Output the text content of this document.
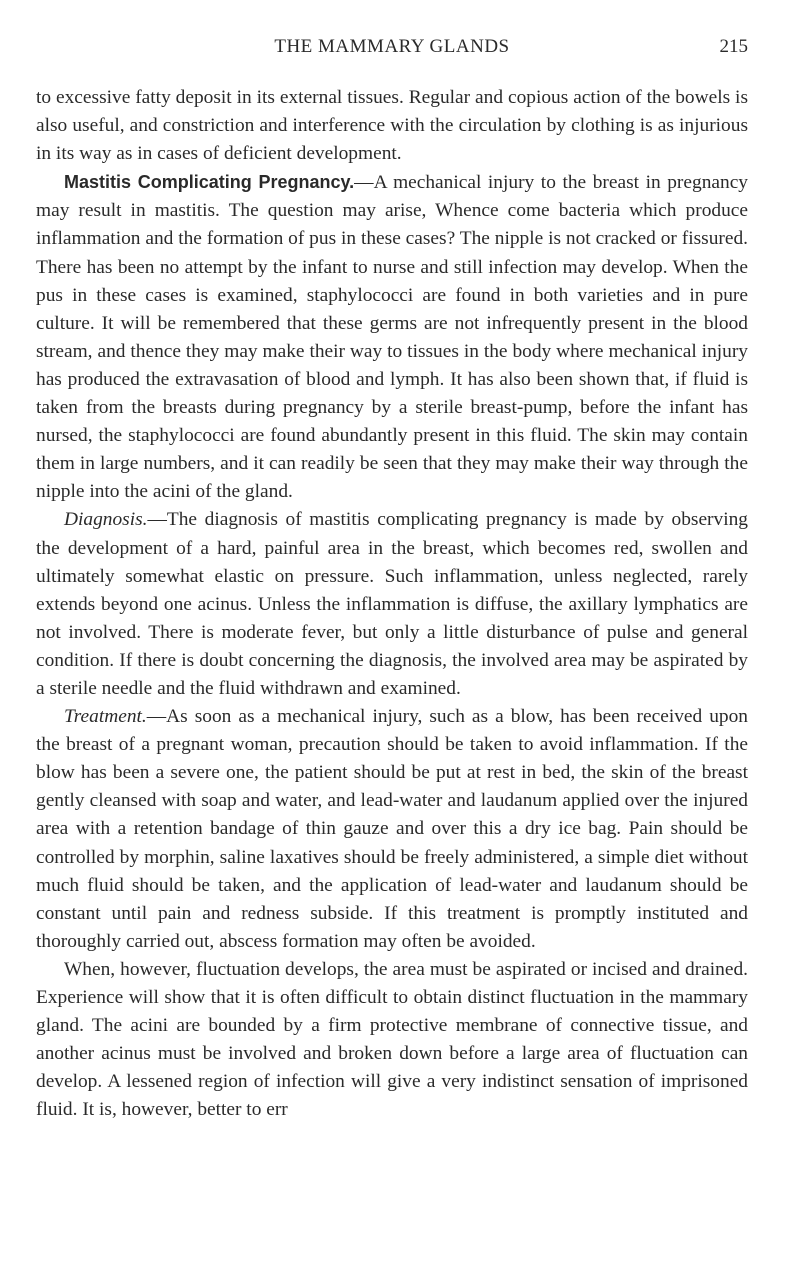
THE MAMMARY GLANDS	215

to excessive fatty deposit in its external tissues. Regular and copious action of the bowels is also useful, and constriction and interference with the circulation by clothing is as injurious in its way as in cases of deficient development.

Mastitis Complicating Pregnancy.—A mechanical injury to the breast in pregnancy may result in mastitis. The question may arise, Whence come bacteria which produce inflammation and the formation of pus in these cases? The nipple is not cracked or fissured. There has been no attempt by the infant to nurse and still infection may develop. When the pus in these cases is examined, staphylococci are found in both varieties and in pure culture. It will be remembered that these germs are not infrequently present in the blood stream, and thence they may make their way to tissues in the body where mechanical injury has produced the extravasation of blood and lymph. It has also been shown that, if fluid is taken from the breasts during pregnancy by a sterile breast-pump, before the infant has nursed, the staphylococci are found abundantly present in this fluid. The skin may contain them in large numbers, and it can readily be seen that they may make their way through the nipple into the acini of the gland.

Diagnosis.—The diagnosis of mastitis complicating pregnancy is made by observing the development of a hard, painful area in the breast, which becomes red, swollen and ultimately somewhat elastic on pressure. Such inflammation, unless neglected, rarely extends beyond one acinus. Unless the inflammation is diffuse, the axillary lymphatics are not involved. There is moderate fever, but only a little disturbance of pulse and general condition. If there is doubt concerning the diagnosis, the involved area may be aspirated by a sterile needle and the fluid withdrawn and examined.

Treatment.—As soon as a mechanical injury, such as a blow, has been received upon the breast of a pregnant woman, precaution should be taken to avoid inflammation. If the blow has been a severe one, the patient should be put at rest in bed, the skin of the breast gently cleansed with soap and water, and lead-water and laudanum applied over the injured area with a retention bandage of thin gauze and over this a dry ice bag. Pain should be controlled by morphin, saline laxatives should be freely administered, a simple diet without much fluid should be taken, and the application of lead-water and laudanum should be constant until pain and redness subside. If this treatment is promptly instituted and thoroughly carried out, abscess formation may often be avoided.

When, however, fluctuation develops, the area must be aspirated or incised and drained. Experience will show that it is often difficult to obtain distinct fluctuation in the mammary gland. The acini are bounded by a firm protective membrane of connective tissue, and another acinus must be involved and broken down before a large area of fluctuation can develop. A lessened region of infection will give a very indistinct sensation of imprisoned fluid. It is, however, better to err
